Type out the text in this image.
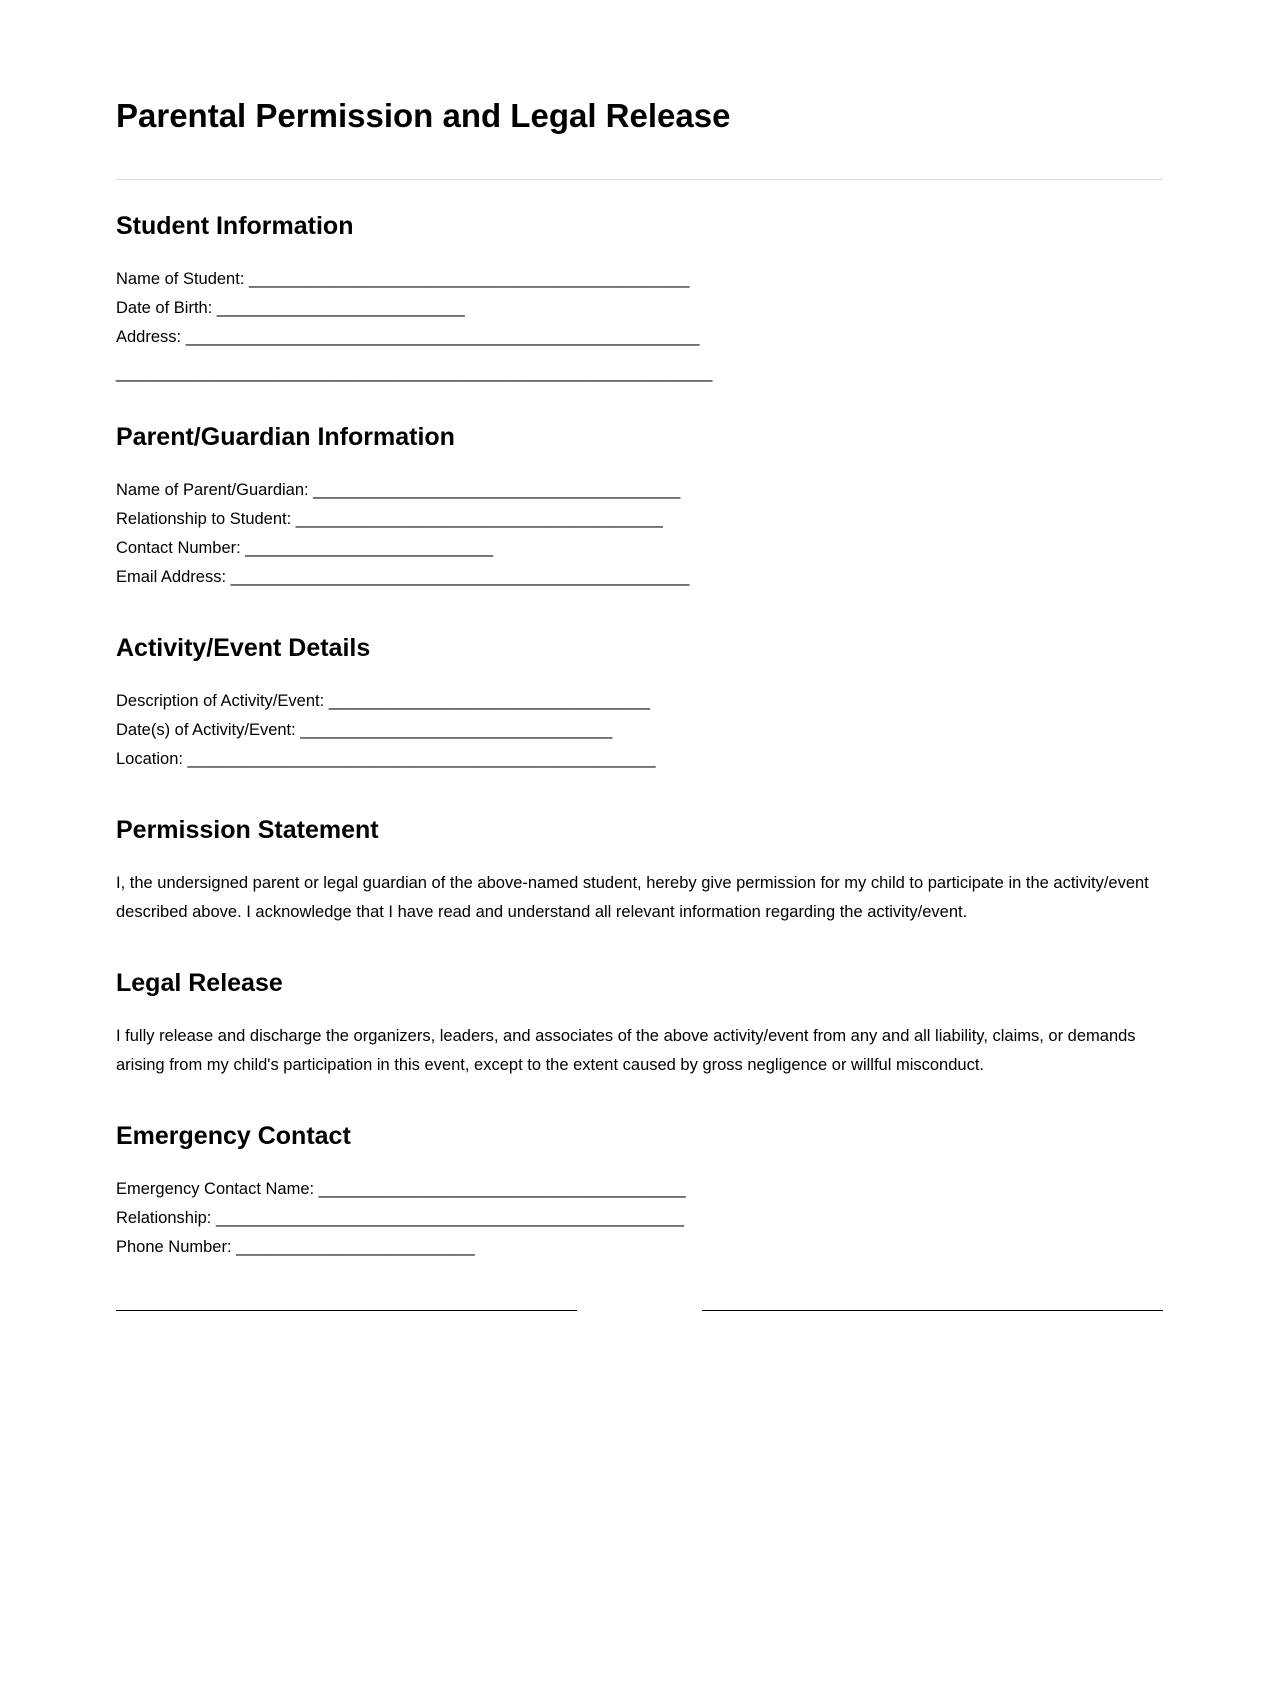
Parental Permission and Legal Release
Student Information
Name of Student: ________________________________________________
Date of Birth: ___________________________
Address: ________________________________________________________
_________________________________________________________________
Parent/Guardian Information
Name of Parent/Guardian: ________________________________________
Relationship to Student: ________________________________________
Contact Number: ___________________________
Email Address: __________________________________________________
Activity/Event Details
Description of Activity/Event: ___________________________________
Date(s) of Activity/Event: __________________________________
Location: ___________________________________________________
Permission Statement

I, the undersigned parent or legal guardian of the above-named student, hereby give permission for my child to participate in the activity/event described above. I acknowledge that I have read and understand all relevant information regarding the activity/event.

Legal Release

I fully release and discharge the organizers, leaders, and associates of the above activity/event from any and all liability, claims, or demands arising from my child's participation in this event, except to the extent caused by gross negligence or willful misconduct.

Emergency Contact
Emergency Contact Name: ________________________________________
Relationship: ___________________________________________________
Phone Number: __________________________
